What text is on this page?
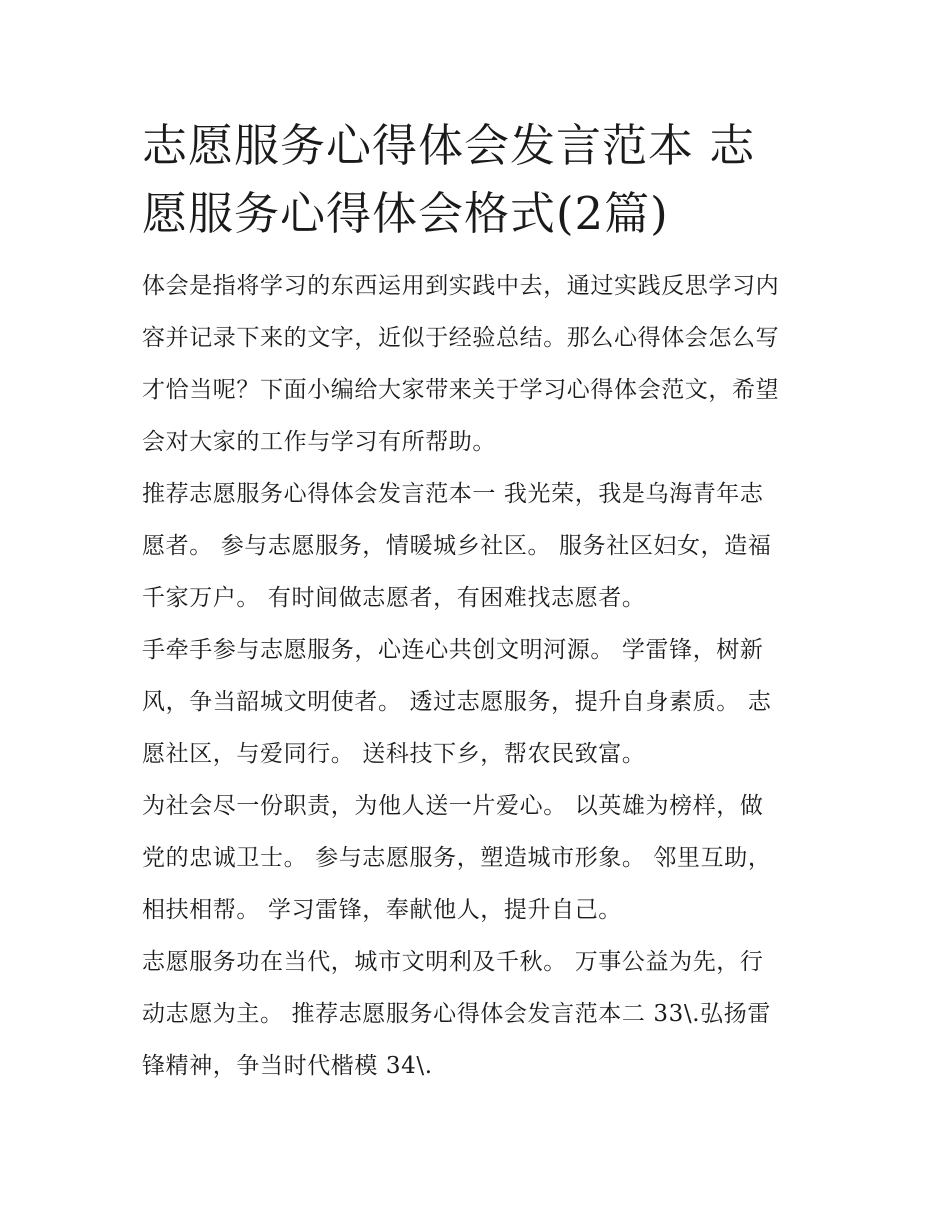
志愿服务心得体会发言范本 志
愿服务心得体会格式(2篇)

体会是指将学习的东西运用到实践中去，通过实践反思学习内
容并记录下来的文字，近似于经验总结。那么心得体会怎么写
才恰当呢？下面小编给大家带来关于学习心得体会范文，希望
会对大家的工作与学习有所帮助。

推荐志愿服务心得体会发言范本一 我光荣，我是乌海青年志
愿者。 参与志愿服务，情暖城乡社区。 服务社区妇女，造福
千家万户。 有时间做志愿者，有困难找志愿者。

手牵手参与志愿服务，心连心共创文明河源。 学雷锋，树新
风，争当韶城文明使者。 透过志愿服务，提升自身素质。 志
愿社区，与爱同行。 送科技下乡，帮农民致富。

为社会尽一份职责，为他人送一片爱心。 以英雄为榜样，做
党的忠诚卫士。 参与志愿服务，塑造城市形象。 邻里互助，
相扶相帮。 学习雷锋，奉献他人，提升自己。

志愿服务功在当代，城市文明利及千秋。 万事公益为先，行
动志愿为主。 推荐志愿服务心得体会发言范本二 33\.弘扬雷
锋精神，争当时代楷模 34\.
